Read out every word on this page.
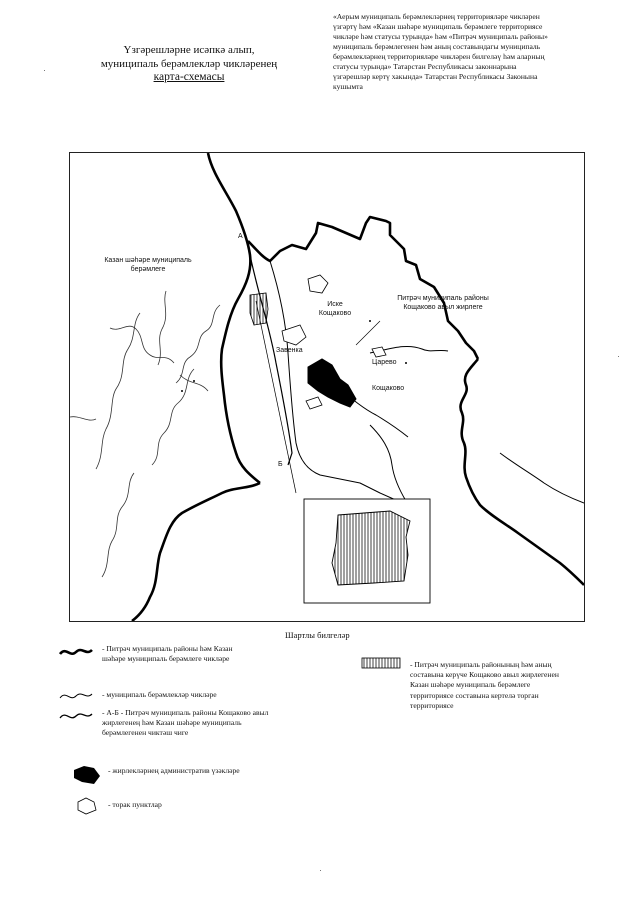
«Аерым муниципаль берәмлекләрнең территорияләре чикләрен үзгәртү һәм «Казан шәһәре муниципаль берәмлеге территориясе чикләре һәм статусы турында» һәм «Питрәч муниципаль районы» муниципаль берәмлегенен һәм аның составындагы муниципаль берәмлекләрнең территорияләре чикләрен билгеләү һәм аларның статусы турында» Татарстан Республикасы законнарына үзгәрешләр кертү хакында» Татарстан Республикасы Законына кушымта
Үзгәрешләрне исәпкә алып,
муниципаль берәмлекләр чикләренең
карта-схемасы
Казан шәһәре муниципаль берәмлеге
А
Б
Иске Кощаково
Завенка
Царево
Кощаково
Питрәч муниципаль районы Кощаково авыл жирлеге
Шартлы билгеләр
- Питрәч муниципаль районы һәм Казан шәһәре муниципаль берәмлеге чикләре
- муниципаль берәмлекләр чикләре
- А-Б - Питрәч муниципаль районы Кощаково авыл жирлегенең һәм Казан шәһәре муниципаль берәмлегенен чиктәш чиге
- жирлекләрнең административ үзәкләре
- торак пунктлар
- Питрәч муниципаль районының һәм аның составына керүче Кощаково авыл жирлегенен Казан шәһәре муниципаль берәмлеге территориясе составына кертелә торган территориясе
